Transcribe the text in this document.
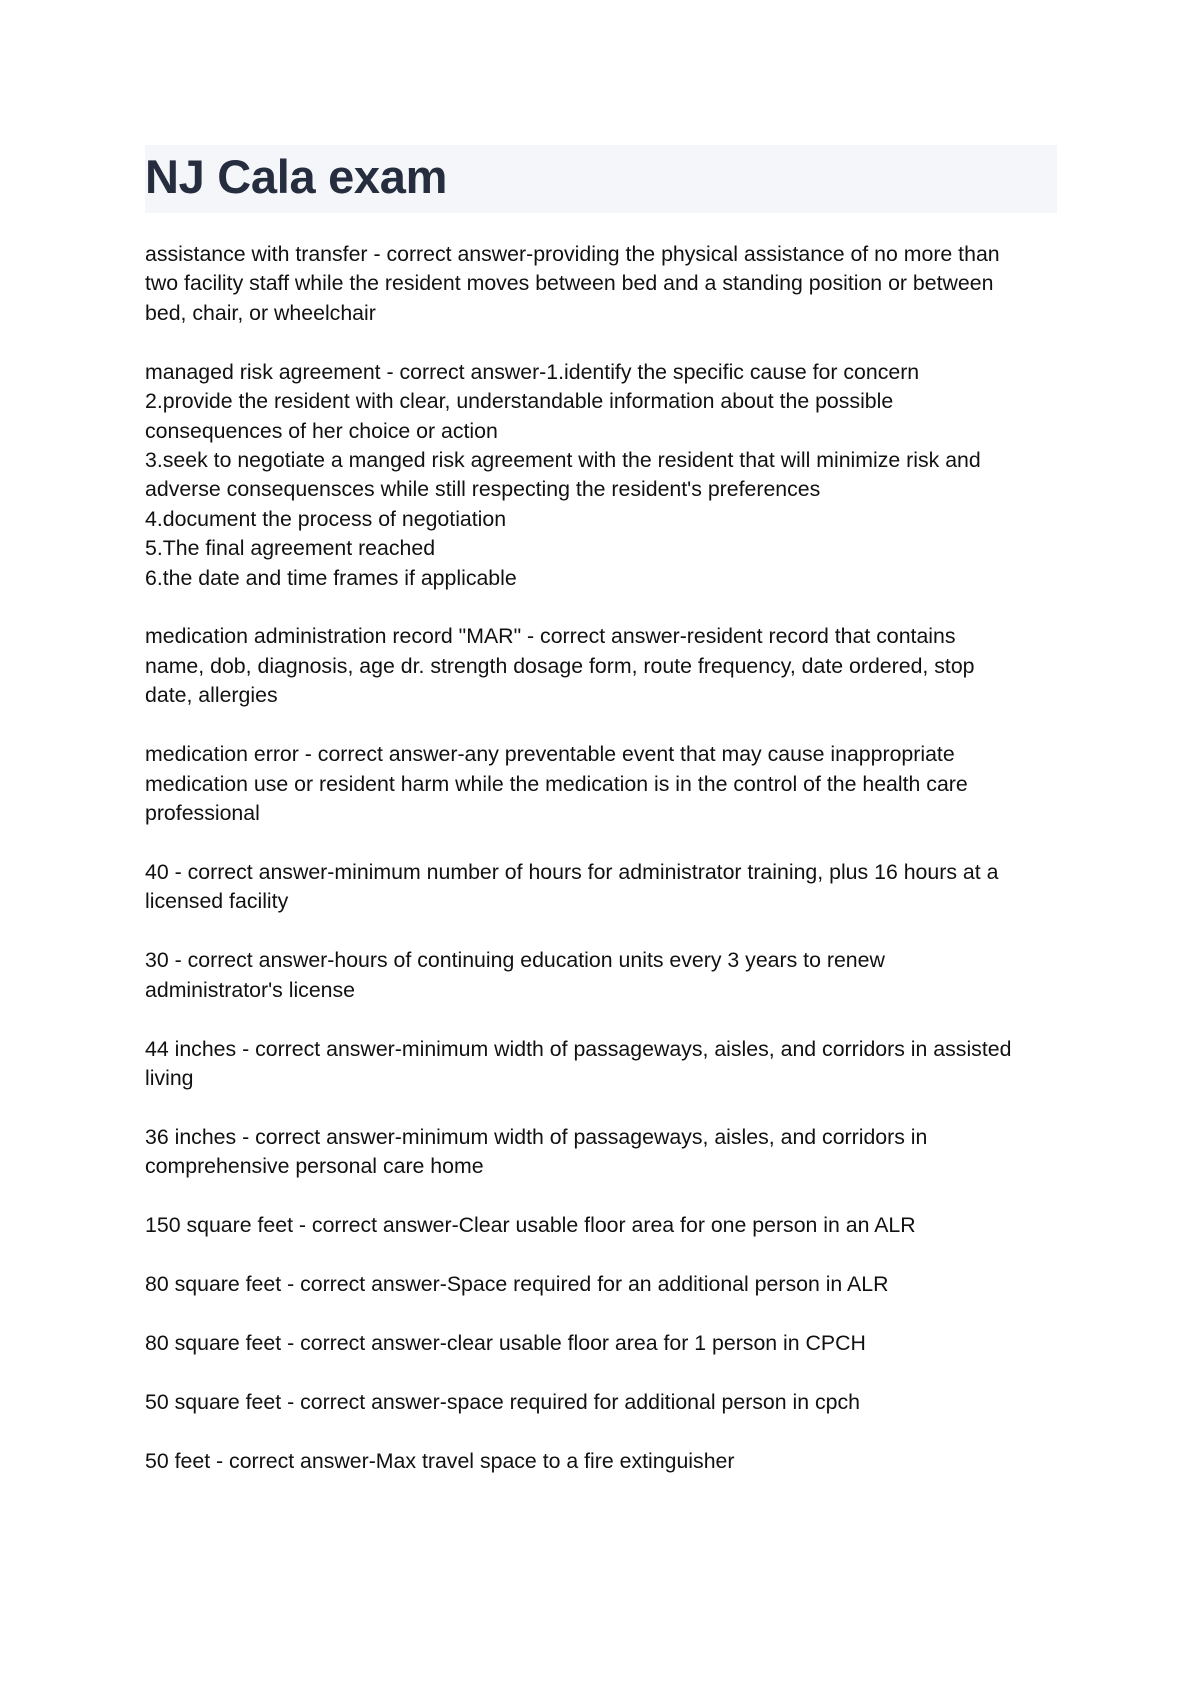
NJ Cala exam
assistance with transfer - correct answer-providing the physical assistance of no more than
two facility staff while the resident moves between bed and a standing position or between
bed, chair, or wheelchair
managed risk agreement - correct answer-1.identify the specific cause for concern
2.provide the resident with clear, understandable information about the possible
consequences of her choice or action
3.seek to negotiate a manged risk agreement with the resident that will minimize risk and
adverse consequensces while still respecting the resident's preferences
4.document the process of negotiation
5.The final agreement reached
6.the date and time frames if applicable
medication administration record "MAR" - correct answer-resident record that contains
name, dob, diagnosis, age dr. strength dosage form, route frequency, date ordered, stop
date, allergies
medication error - correct answer-any preventable event that may cause inappropriate
medication use or resident harm while the medication is in the control of the health care
professional
40 - correct answer-minimum number of hours for administrator training, plus 16 hours at a
licensed facility
30 - correct answer-hours of continuing education units every 3 years to renew
administrator's license
44 inches - correct answer-minimum width of passageways, aisles, and corridors in assisted
living
36 inches - correct answer-minimum width of passageways, aisles, and corridors in
comprehensive personal care home
150 square feet - correct answer-Clear usable floor area for one person in an ALR
80 square feet - correct answer-Space required for an additional person in ALR
80 square feet - correct answer-clear usable floor area for 1 person in CPCH
50 square feet - correct answer-space required for additional person in cpch
50 feet - correct answer-Max travel space to a fire extinguisher
